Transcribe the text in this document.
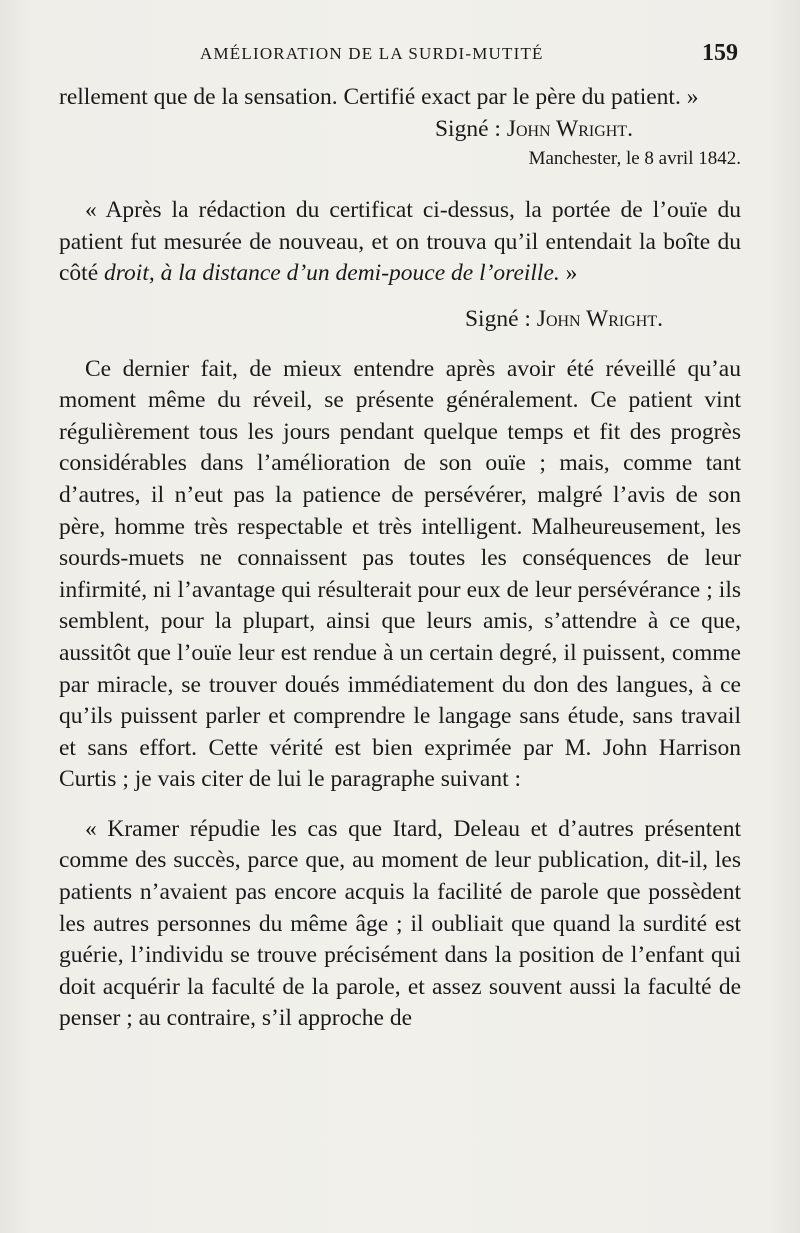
AMÉLIORATION DE LA SURDI-MUTITÉ	159

rellement que de la sensation. Certifié exact par le père du patient. »

Signé : John Wright.

Manchester, le 8 avril 1842.

« Après la rédaction du certificat ci-dessus, la portée de l’ouïe du patient fut mesurée de nouveau, et on trouva qu’il entendait la boîte du côté droit, à la distance d’un demi-pouce de l’oreille. »

Signé : John Wright.

Ce dernier fait, de mieux entendre après avoir été réveillé qu’au moment même du réveil, se présente généralement. Ce patient vint régulièrement tous les jours pendant quelque temps et fit des progrès considérables dans l’amélioration de son ouïe ; mais, comme tant d’autres, il n’eut pas la patience de persévérer, malgré l’avis de son père, homme très respectable et très intelligent. Malheureusement, les sourds-muets ne connaissent pas toutes les conséquences de leur infirmité, ni l’avantage qui résulterait pour eux de leur persévérance ; ils semblent, pour la plupart, ainsi que leurs amis, s’attendre à ce que, aussitôt que l’ouïe leur est rendue à un certain degré, il puissent, comme par miracle, se trouver doués immédiatement du don des langues, à ce qu’ils puissent parler et comprendre le langage sans étude, sans travail et sans effort. Cette vérité est bien exprimée par M. John Harrison Curtis ; je vais citer de lui le paragraphe suivant :

« Kramer répudie les cas que Itard, Deleau et d’autres présentent comme des succès, parce que, au moment de leur publication, dit-il, les patients n’avaient pas encore acquis la facilité de parole que possèdent les autres personnes du même âge ; il oubliait que quand la surdité est guérie, l’individu se trouve précisément dans la position de l’enfant qui doit acquérir la faculté de la parole, et assez souvent aussi la faculté de penser ; au contraire, s’il approche de
